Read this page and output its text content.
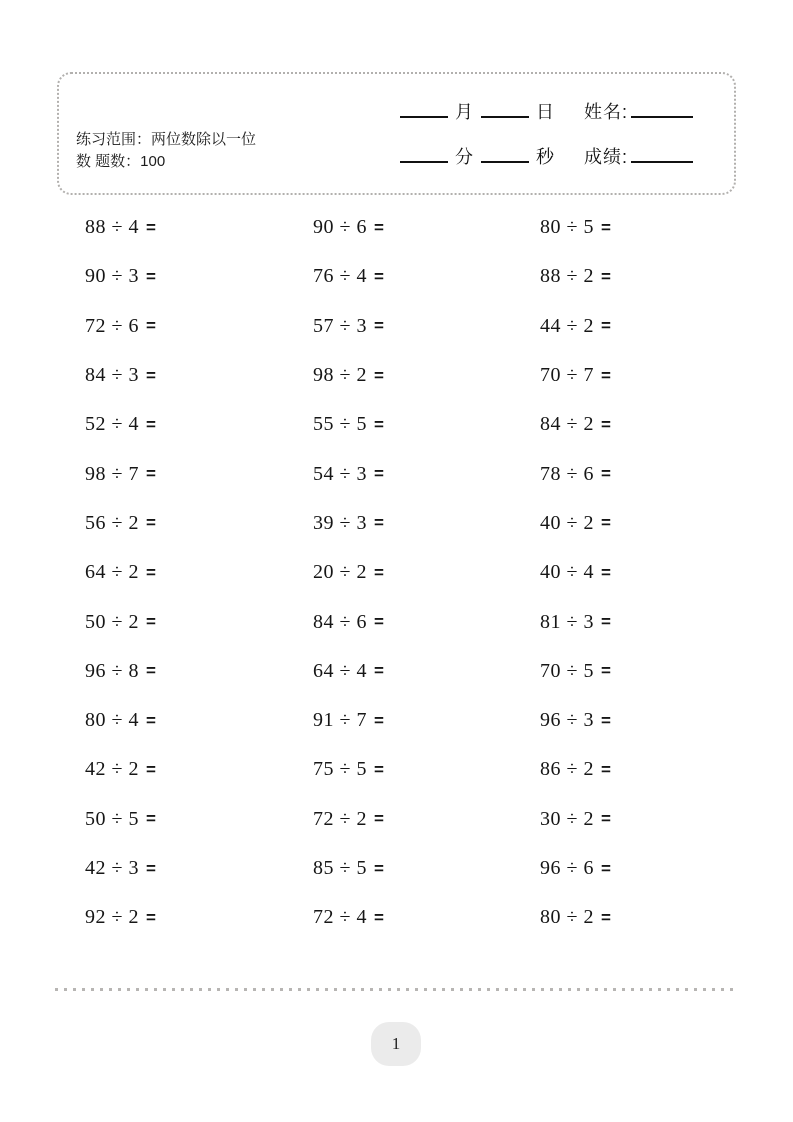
练习范围：两位数除以一位数 题数：100
月	日 姓名:
分	秒 成绩:
88 ÷ 4 =	90 ÷ 6 =	80 ÷ 5 =
90 ÷ 3 =	76 ÷ 4 =	88 ÷ 2 =
72 ÷ 6 =	57 ÷ 3 =	44 ÷ 2 =
84 ÷ 3 =	98 ÷ 2 =	70 ÷ 7 =
52 ÷ 4 =	55 ÷ 5 =	84 ÷ 2 =
98 ÷ 7 =	54 ÷ 3 =	78 ÷ 6 =
56 ÷ 2 =	39 ÷ 3 =	40 ÷ 2 =
64 ÷ 2 =	20 ÷ 2 =	40 ÷ 4 =
50 ÷ 2 =	84 ÷ 6 =	81 ÷ 3 =
96 ÷ 8 =	64 ÷ 4 =	70 ÷ 5 =
80 ÷ 4 =	91 ÷ 7 =	96 ÷ 3 =
42 ÷ 2 =	75 ÷ 5 =	86 ÷ 2 =
50 ÷ 5 =	72 ÷ 2 =	30 ÷ 2 =
42 ÷ 3 =	85 ÷ 5 =	96 ÷ 6 =
92 ÷ 2 =	72 ÷ 4 =	80 ÷ 2 =
1
